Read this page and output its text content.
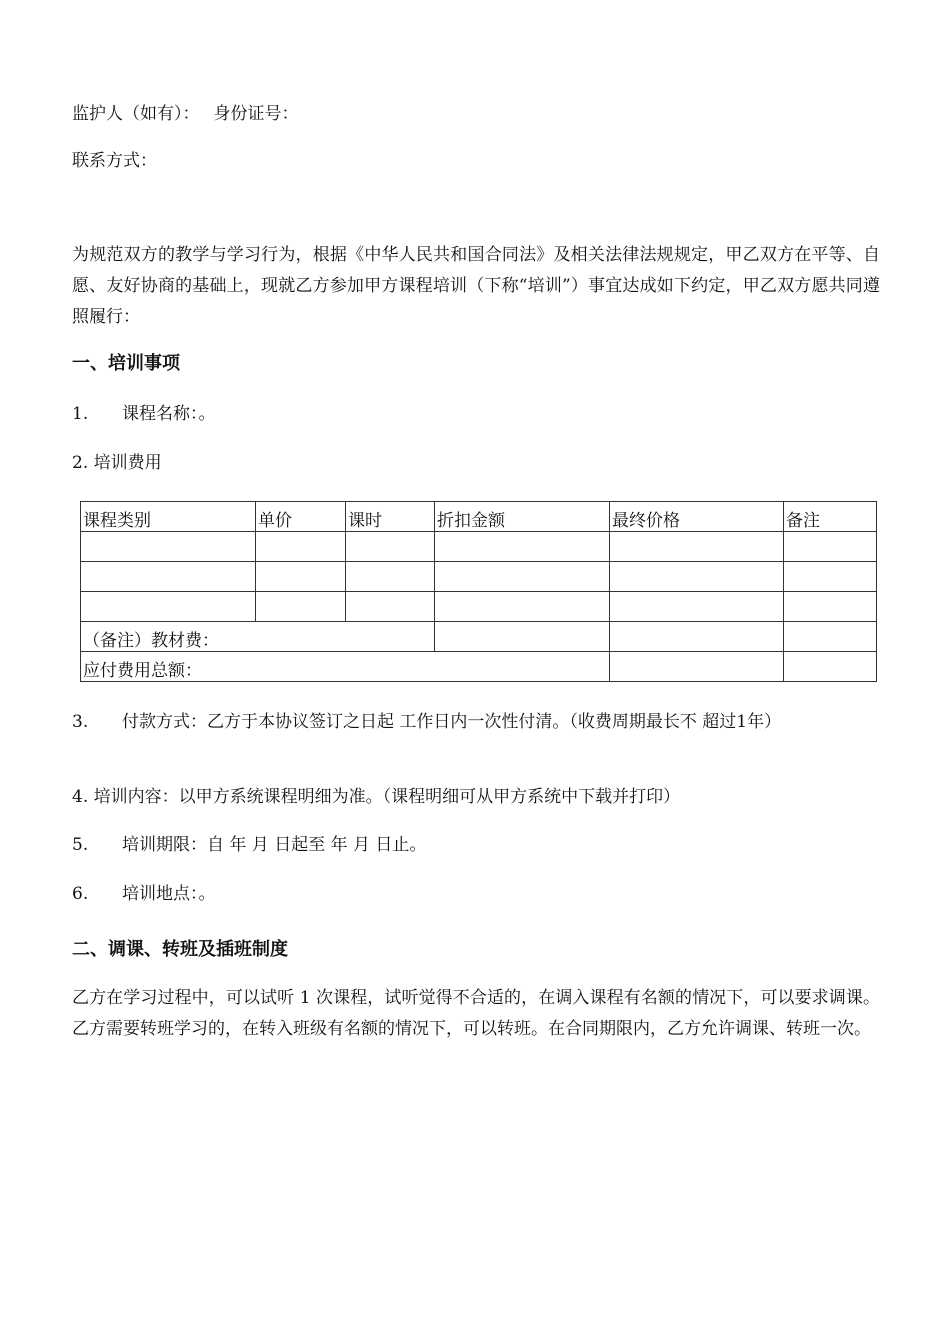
监护人（如有）： 身份证号：
联系方式：
为规范双方的教学与学习行为，根据《中华人民共和国合同法》及相关法律法规规定，甲乙双方在平等、自愿、友好协商的基础上，现就乙方参加甲方课程培训（下称“培训”）事宜达成如下约定，甲乙双方愿共同遵照履行：
一、培训事项
1. 课程名称：。
2. 培训费用
课程类别	单价	课时	折扣金额	最终价格	备注

（备注）教材费：					
应付费用总额：					
3. 付款方式：乙方于本协议签订之日起 工作日内一次性付清。（收费周期最长不 超过1年）
4. 培训内容：以甲方系统课程明细为准。（课程明细可从甲方系统中下载并打印）
5. 培训期限：自 年 月 日起至 年 月 日止。
6. 培训地点：。
二、调课、转班及插班制度
乙方在学习过程中，可以试听 1 次课程，试听觉得不合适的，在调入课程有名额的情况下，可以要求调课。乙方需要转班学习的，在转入班级有名额的情况下，可以转班。在合同期限内，乙方允许调课、转班一次。
